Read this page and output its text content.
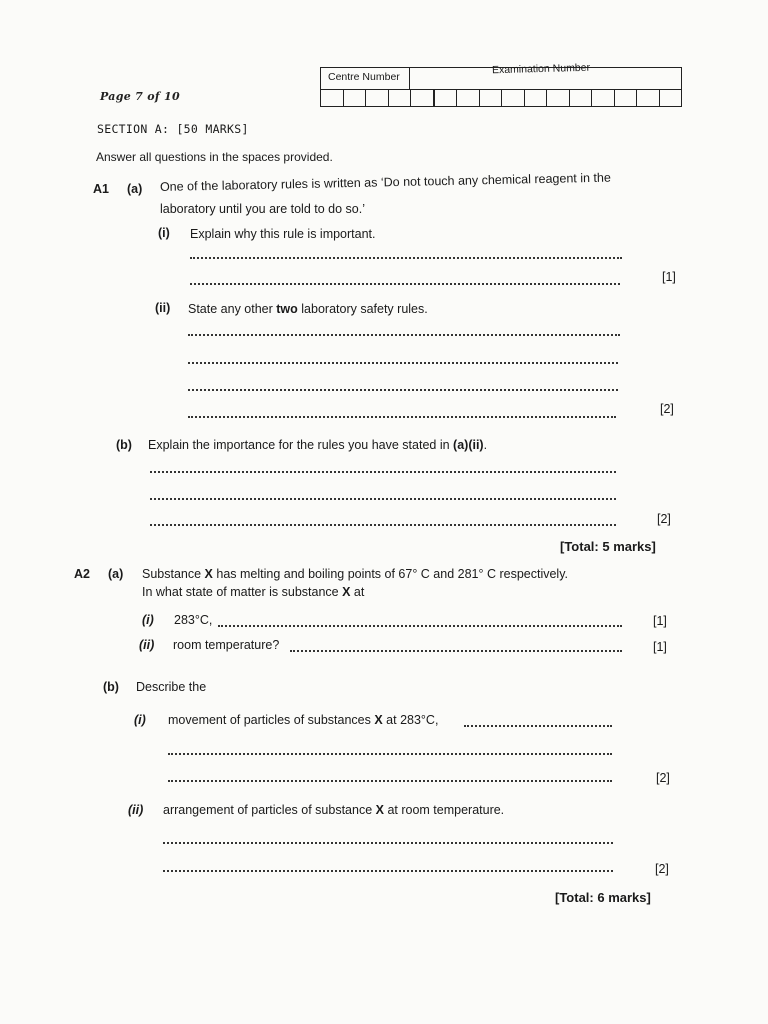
Centre Number
Examination Number
Page 7 of 10
SECTION A: [50 MARKS]
Answer all questions in the spaces provided.
A1 (a) One of the laboratory rules is written as ‘Do not touch any chemical reagent in the
laboratory until you are told to do so.’
(i) Explain why this rule is important.
[1]
(ii) State any other two laboratory safety rules.
[2]
(b) Explain the importance for the rules you have stated in (a)(ii).
[2]
[Total: 5 marks]
A2 (a) Substance X has melting and boiling points of 67° C and 281° C respectively.
In what state of matter is substance X at
(i) 283°C,	[1]
(ii) room temperature?	[1]
(b) Describe the
(i) movement of particles of substances X at 283°C,
[2]
(ii) arrangement of particles of substance X at room temperature.
[2]
[Total: 6 marks]
